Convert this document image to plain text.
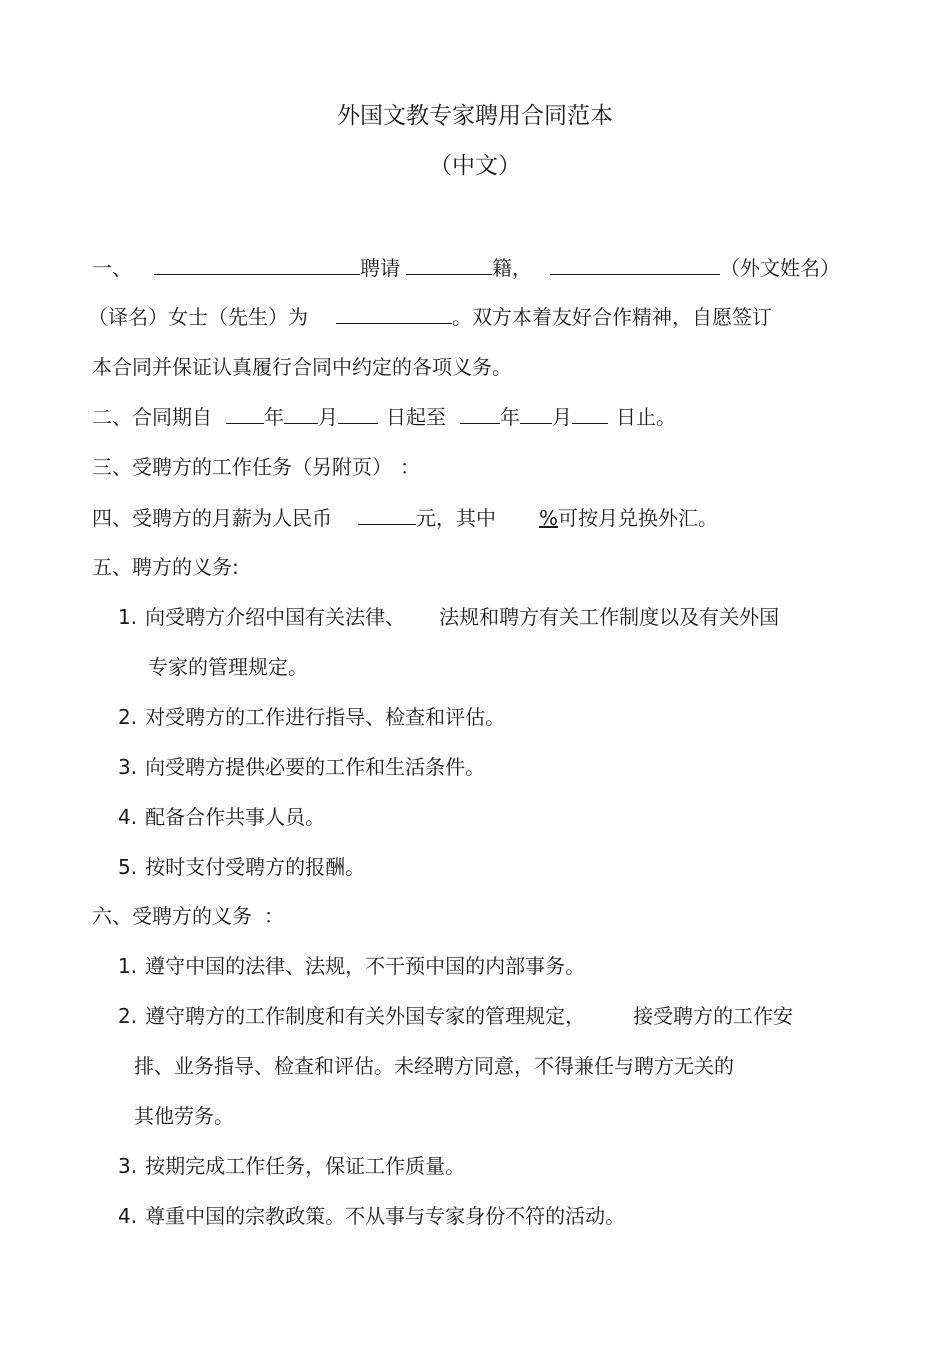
外国文教专家聘用合同范本
（中文）
一、	聘请	籍，	（外文姓名）
（译名）女士（先生）为	。双方本着友好合作精神，自愿签订
本合同并保证认真履行合同中约定的各项义务。
二、合同期自	年 月 日起至	年 月 日止。
三、受聘方的工作任务（另附页） ：
四、受聘方的月薪为人民币	元，其中 %可按月兑换外汇。
五、聘方的义务:
1. 向受聘方介绍中国有关法律、 法规和聘方有关工作制度以及有关外国
专家的管理规定。
2. 对受聘方的工作进行指导、检查和评估。
3. 向受聘方提供必要的工作和生活条件。
4. 配备合作共事人员。
5. 按时支付受聘方的报酬。
六、受聘方的义务 ：
1. 遵守中国的法律、法规，不干预中国的内部事务。
2. 遵守聘方的工作制度和有关外国专家的管理规定， 接受聘方的工作安
排、业务指导、检查和评估。未经聘方同意，不得兼任与聘方无关的
其他劳务。
3. 按期完成工作任务，保证工作质量。
4. 尊重中国的宗教政策。不从事与专家身份不符的活动。
